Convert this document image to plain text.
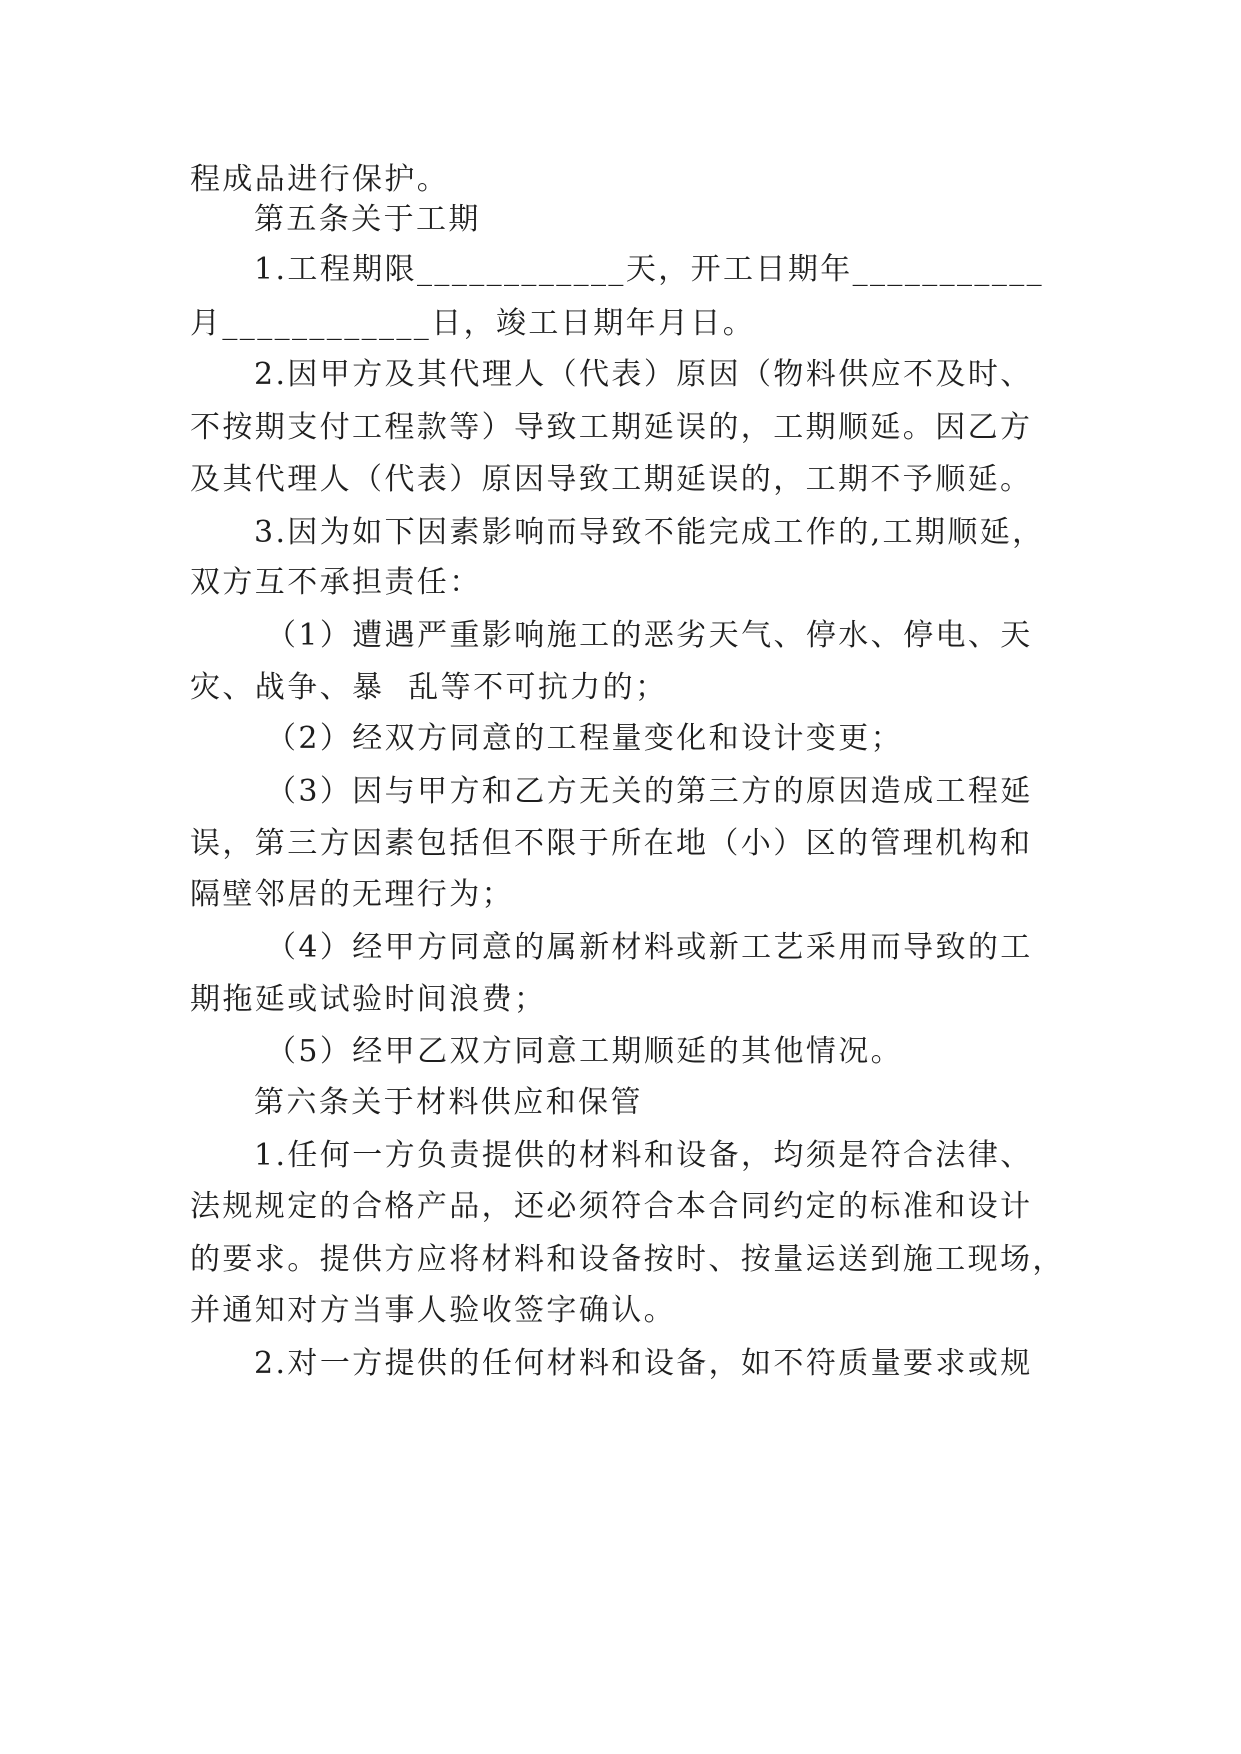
程成品进行保护。
第五条关于工期
1.工程期限____________天，开工日期年___________
月____________日，竣工日期年月日。
2.因甲方及其代理人（代表）原因（物料供应不及时、
不按期支付工程款等）导致工期延误的，工期顺延。因乙方
及其代理人（代表）原因导致工期延误的，工期不予顺延。
3.因为如下因素影响而导致不能完成工作的,工期顺延，
双方互不承担责任：
（1）遭遇严重影响施工的恶劣天气、停水、停电、天
灾、战争、暴  乱等不可抗力的；
（2）经双方同意的工程量变化和设计变更；
（3）因与甲方和乙方无关的第三方的原因造成工程延
误，第三方因素包括但不限于所在地（小）区的管理机构和
隔壁邻居的无理行为；
（4）经甲方同意的属新材料或新工艺采用而导致的工
期拖延或试验时间浪费；
（5）经甲乙双方同意工期顺延的其他情况。
第六条关于材料供应和保管
1.任何一方负责提供的材料和设备，均须是符合法律、
法规规定的合格产品，还必须符合本合同约定的标准和设计
的要求。提供方应将材料和设备按时、按量运送到施工现场，
并通知对方当事人验收签字确认。
2.对一方提供的任何材料和设备，如不符质量要求或规
